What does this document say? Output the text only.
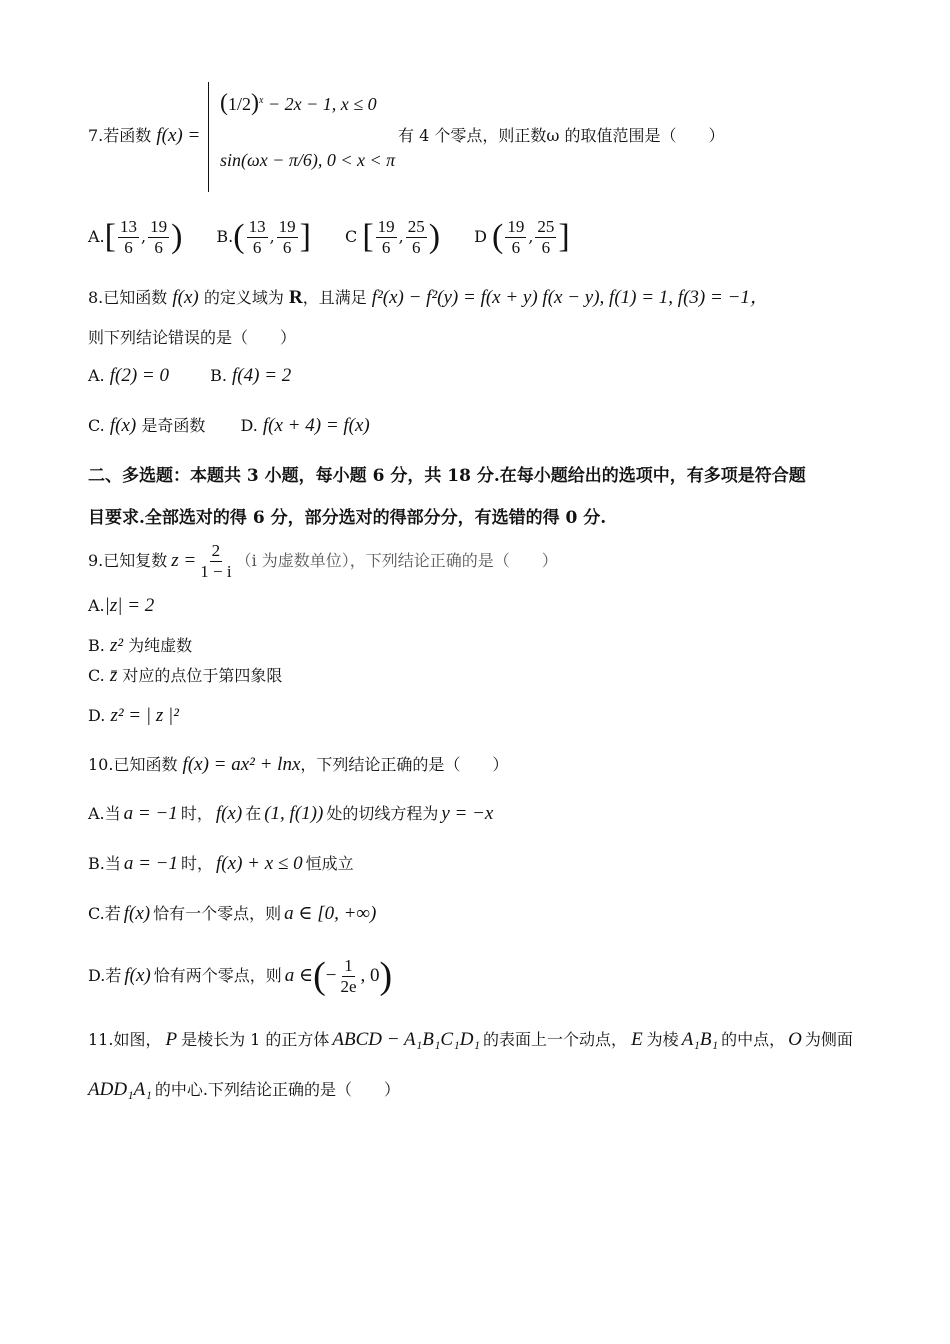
7.若函数 f(x) =
$(1/2)^x - 2x - 1$, x ≤ 0
sin(ωx − π/6), 0 < x < π
有 4 个零点，则正数ω 的取值范围是（　　）
$A.[ \frac{13}{6}$ , $\frac{19}{6}$ ) $B.( \frac{13}{6}$ , $\frac{19}{6}$ ] C [ $\frac{19}{6}$ , $\frac{25}{6}$ ) D ( $\frac{19}{6}$ , $\frac{25}{6}$ ]
8.已知函数 f(x) 的定义域为 R，且满足 f²(x) − f²(y) = f(x + y) f(x − y), f(1) = 1, f(3) = −1，
则下列结论错误的是（　　）
A. f(2) = 0	B. f(4) = 2
C. f(x) 是奇函数 D. f(x + 4) = f(x)
二、多选题：本题共 3 小题，每小题 6 分，共 18 分.在每小题给出的选项中，有多项是符合题
目要求.全部选对的得 6 分，部分选对的得部分分，有选错的得 0 分.
9.已知复数 $z = \frac{2}{1 - i} (i$ 为虚数单位），下列结论正确的是（　　）
A.|z| = 2
B. z² 为纯虚数
C. z̄ 对应的点位于第四象限
D. z² = | z |²
10.已知函数 f(x) = ax² + lnx，下列结论正确的是（　　）
A.当 a = −1 时， f(x) 在 (1, f(1)) 处的切线方程为 y = −x
B.当 a = −1 时， f(x) + x ≤ 0 恒成立
C.若 f(x) 恰有一个零点，则 a ∈ [0, +∞)
D.若 f(x) 恰有两个零点，则 a ∈ ( − $\frac{1}{2e}$ , 0 )
11.如图， P 是棱长为 1 的正方体 ABCD − A₁B₁C₁D₁ 的表面上一个动点， E 为棱 A₁B₁ 的中点， O 为侧面
ADD₁A₁ 的中心.下列结论正确的是（　　）
